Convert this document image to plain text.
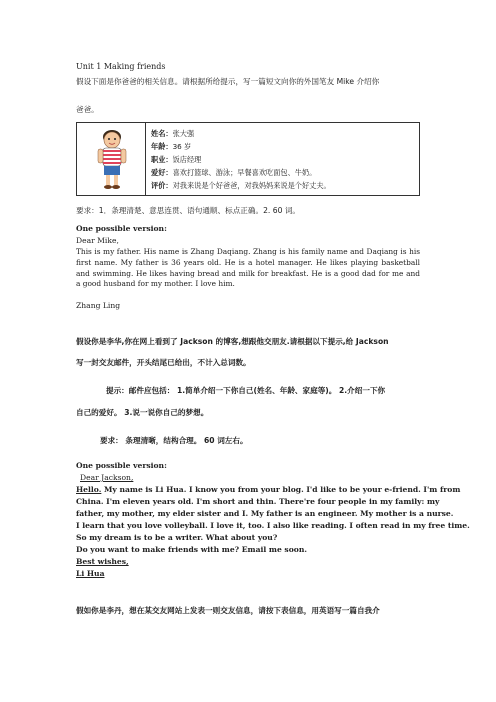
Unit 1 Making friends
假设下面是你爸爸的相关信息。请根据所给提示，写一篇短文向你的外国笔友 Mike 介绍你
爸爸。
姓名：张大强
年龄：36 岁
职业：饭店经理
爱好：喜欢打篮球、游泳；早餐喜欢吃面包、牛奶。
评价：对我来说是个好爸爸，对我妈妈来说是个好丈夫。
要求：1．条理清楚、意思连贯、语句通顺、标点正确。2. 60 词。
One possible version:
Dear Mike,
This is my father. His name is Zhang Daqiang. Zhang is his family name and Daqiang is his first name. My father is 36 years old. He is a hotel manager. He likes playing basketball and swimming. He likes having bread and milk for breakfast. He is a good dad for me and a good husband for my mother. I love him.
Zhang Ling
假设你是李华,你在网上看到了 Jackson 的博客,想跟他交朋友.请根据以下提示,给 Jackson
写一封交友邮件，开头结尾已给出，不计入总词数。
提示：邮件应包括： 1.简单介绍一下你自己(姓名、年龄、家庭等)。 2.介绍一下你
自己的爱好。 3.说一说你自己的梦想。
要求： 条理清晰，结构合理。 60 词左右。
One possible version:
Dear Jackson,
Hello. My name is Li Hua. I know you from your blog. I'd like to be your e-friend. I'm from
China. I'm eleven years old. I'm short and thin. There're four people in my family: my
father, my mother, my elder sister and I. My father is an engineer. My mother is a nurse.
I learn that you love volleyball. I love it, too. I also like reading. I often read in my free time.
So my dream is to be a writer. What about you?
Do you want to make friends with me? Email me soon.
Best wishes,
Li Hua
假如你是李丹，想在某交友网站上发表一则交友信息，请按下表信息，用英语写一篇自我介
